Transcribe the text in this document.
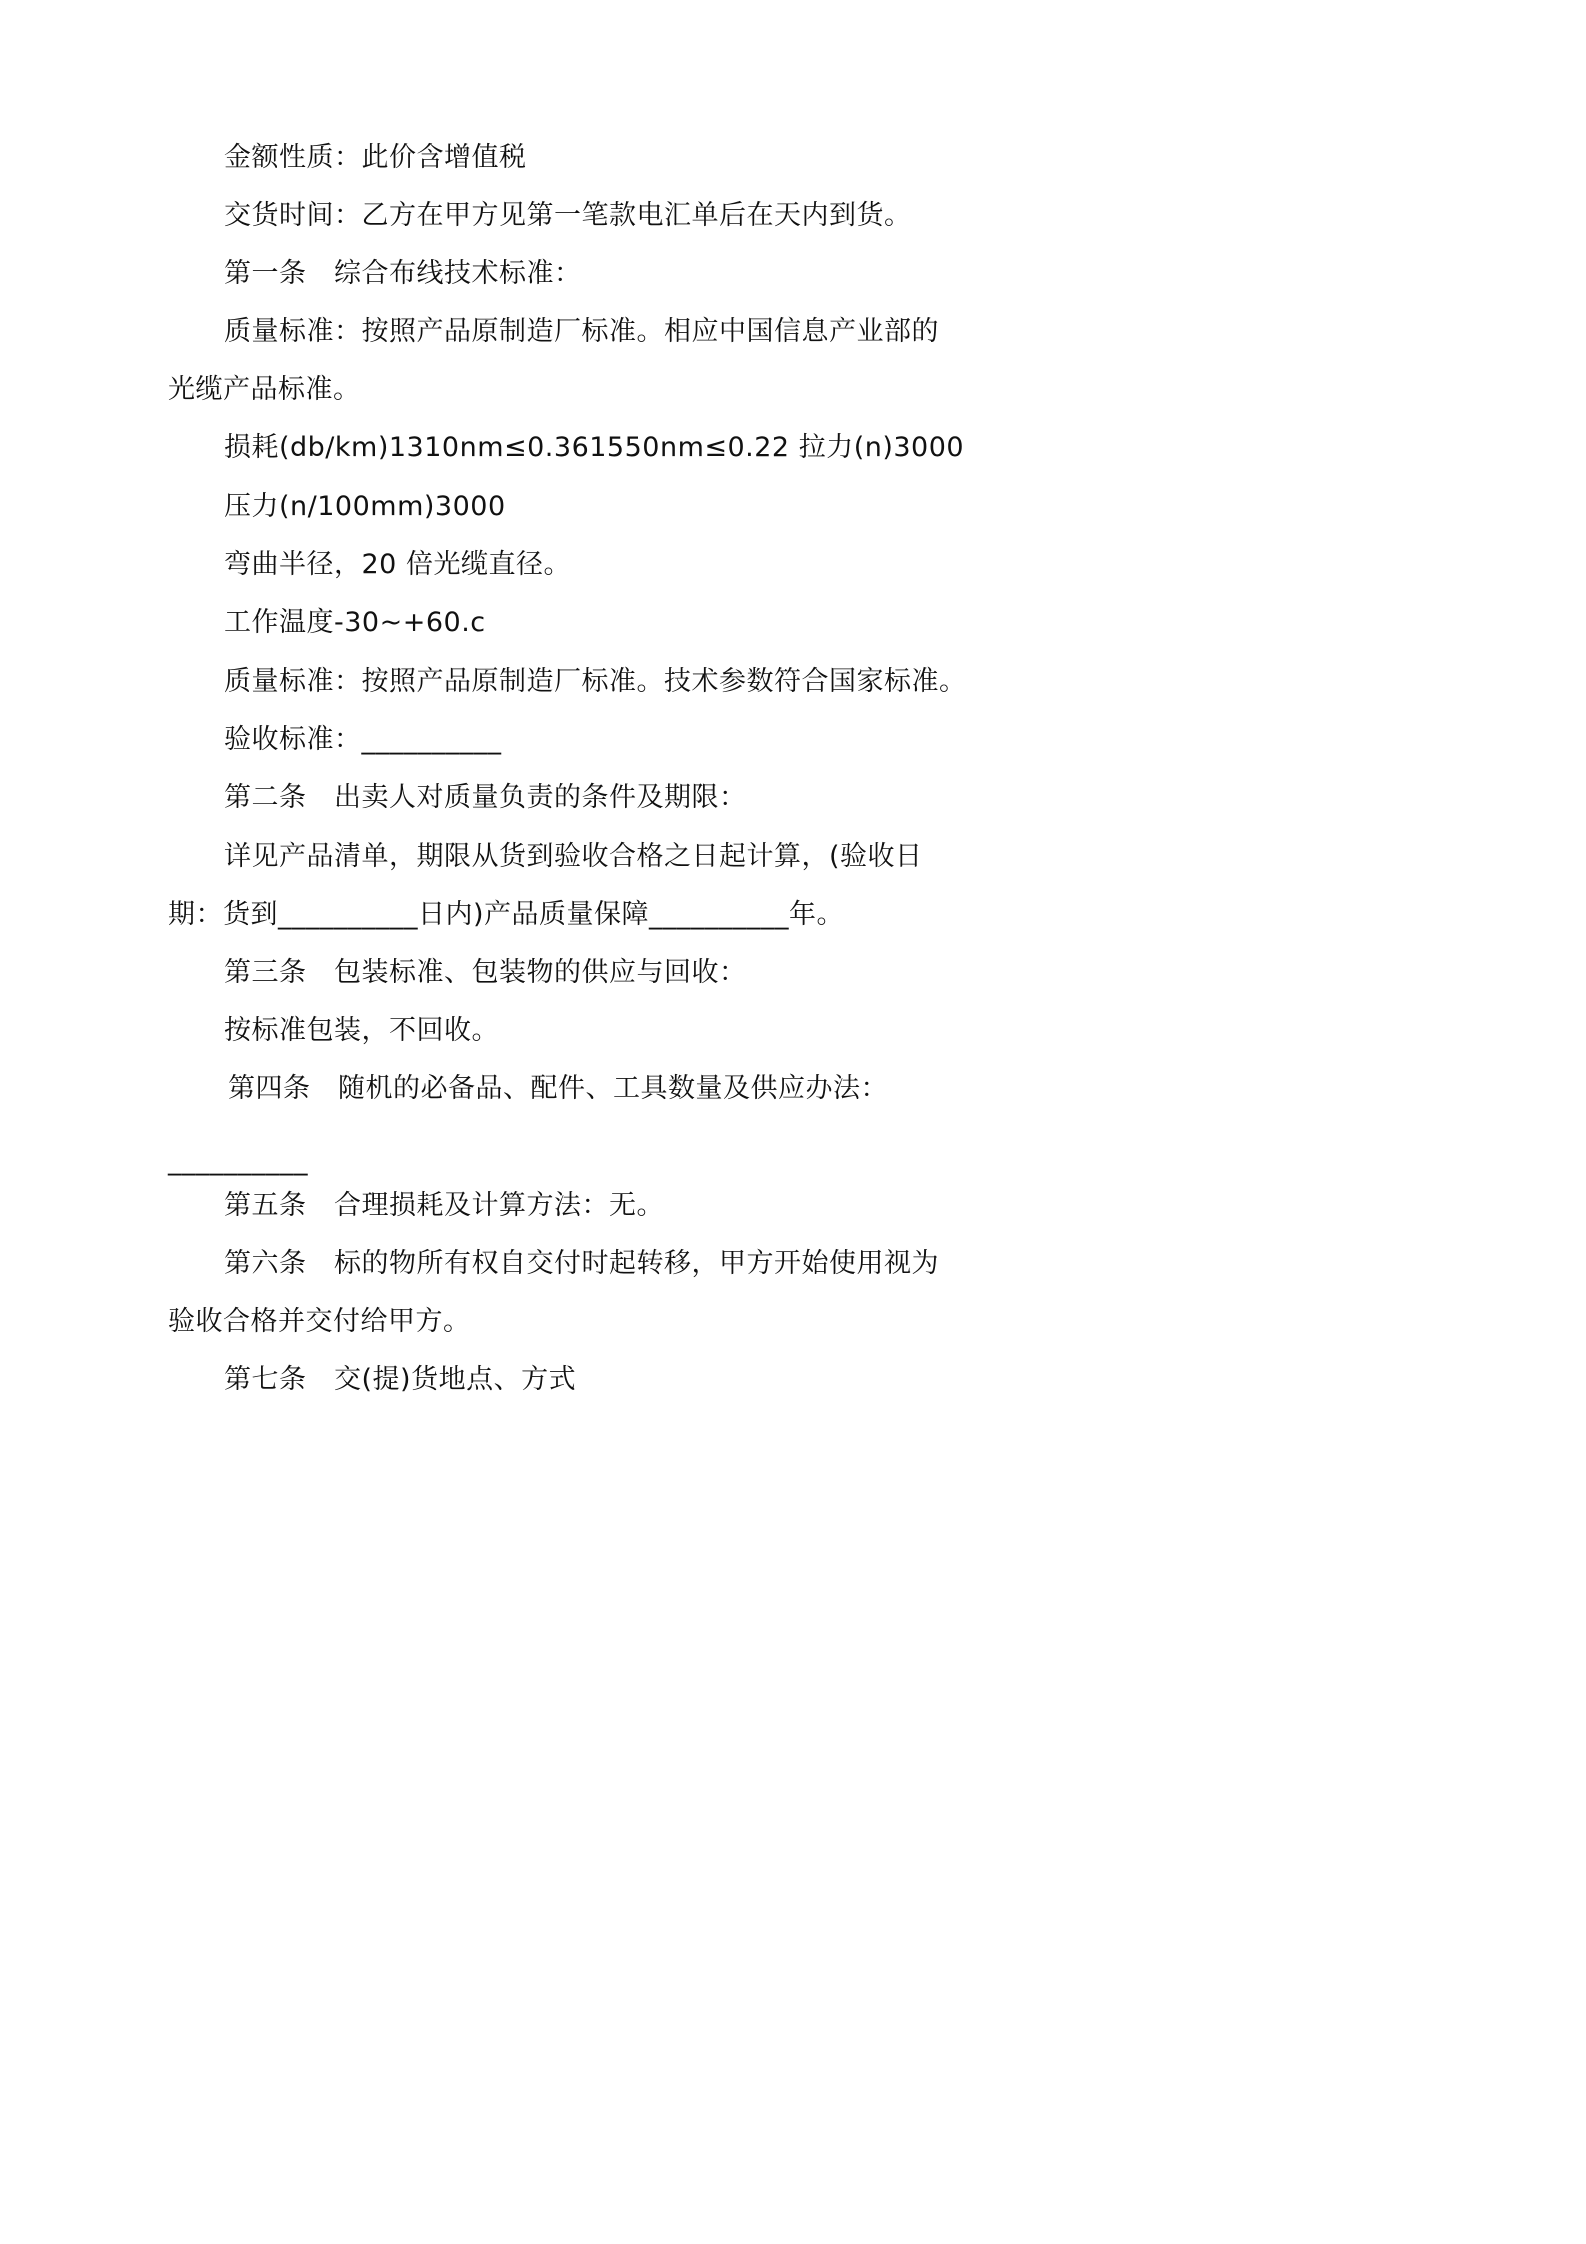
金额性质：此价含增值税
交货时间：乙方在甲方见第一笔款电汇单后在天内到货。
第一条　综合布线技术标准：
质量标准：按照产品原制造厂标准。相应中国信息产业部的
光缆产品标准。
损耗(db/km)1310nm≤0.361550nm≤0.22 拉力(n)3000
压力(n/100mm)3000
弯曲半径，20 倍光缆直径。
工作温度-30~+60.c
质量标准：按照产品原制造厂标准。技术参数符合国家标准。
验收标准：__________
第二条　出卖人对质量负责的条件及期限：
详见产品清单，期限从货到验收合格之日起计算，(验收日
期：货到__________日内)产品质量保障__________年。
第三条　包装标准、包装物的供应与回收：
按标准包装，不回收。
第四条　随机的必备品、配件、工具数量及供应办法：
__________
第五条　合理损耗及计算方法：无。
第六条　标的物所有权自交付时起转移，甲方开始使用视为
验收合格并交付给甲方。
第七条　交(提)货地点、方式
